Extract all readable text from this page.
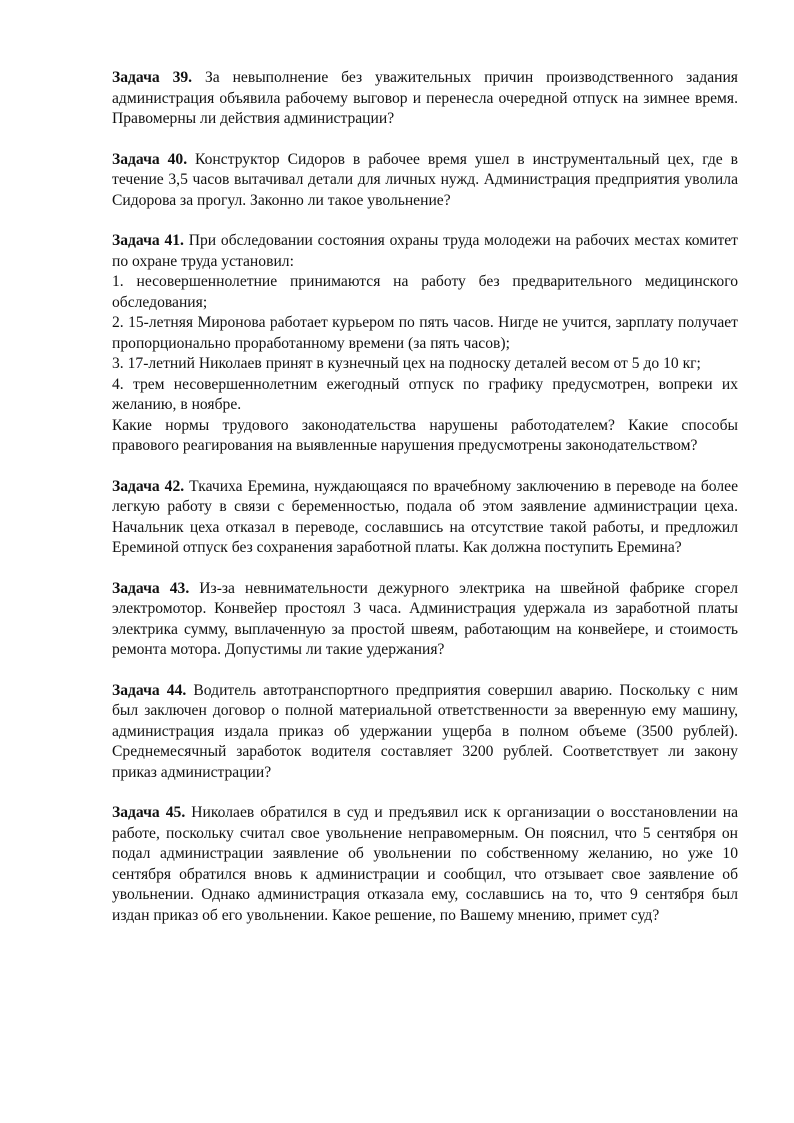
Задача 39. За невыполнение без уважительных причин производственного задания администрация объявила рабочему выговор и перенесла очередной отпуск на зимнее время. Правомерны ли действия администрации?

Задача 40. Конструктор Сидоров в рабочее время ушел в инструментальный цех, где в течение 3,5 часов вытачивал детали для личных нужд. Администрация предприятия уволила Сидорова за прогул. Законно ли такое увольнение?

Задача 41. При обследовании состояния охраны труда молодежи на рабочих местах комитет по охране труда установил:

1. несовершеннолетние принимаются на работу без предварительного медицинского обследования;

2. 15-летняя Миронова работает курьером по пять часов. Нигде не учится, зарплату получает пропорционально проработанному времени (за пять часов);

3. 17-летний Николаев принят в кузнечный цех на подноску деталей весом от 5 до 10 кг;

4. трем несовершеннолетним ежегодный отпуск по графику предусмотрен, вопреки их желанию, в ноябре.

Какие нормы трудового законодательства нарушены работодателем? Какие способы правового реагирования на выявленные нарушения предусмотрены законодательством?

Задача 42. Ткачиха Еремина, нуждающаяся по врачебному заключению в переводе на более легкую работу в связи с беременностью, подала об этом заявление администрации цеха. Начальник цеха отказал в переводе, сославшись на отсутствие такой работы, и предложил Ереминой отпуск без сохранения заработной платы. Как должна поступить Еремина?

Задача 43. Из-за невнимательности дежурного электрика на швейной фабрике сгорел электромотор. Конвейер простоял 3 часа. Администрация удержала из заработной платы электрика сумму, выплаченную за простой швеям, работающим на конвейере, и стоимость ремонта мотора. Допустимы ли такие удержания?

Задача 44. Водитель автотранспортного предприятия совершил аварию. Поскольку с ним был заключен договор о полной материальной ответственности за вверенную ему машину, администрация издала приказ об удержании ущерба в полном объеме (3500 рублей). Среднемесячный заработок водителя составляет 3200 рублей. Соответствует ли закону приказ администрации?

Задача 45. Николаев обратился в суд и предъявил иск к организации о восстановлении на работе, поскольку считал свое увольнение неправомерным. Он пояснил, что 5 сентября он подал администрации заявление об увольнении по собственному желанию, но уже 10 сентября обратился вновь к администрации и сообщил, что отзывает свое заявление об увольнении. Однако администрация отказала ему, сославшись на то, что 9 сентября был издан приказ об его увольнении. Какое решение, по Вашему мнению, примет суд?
